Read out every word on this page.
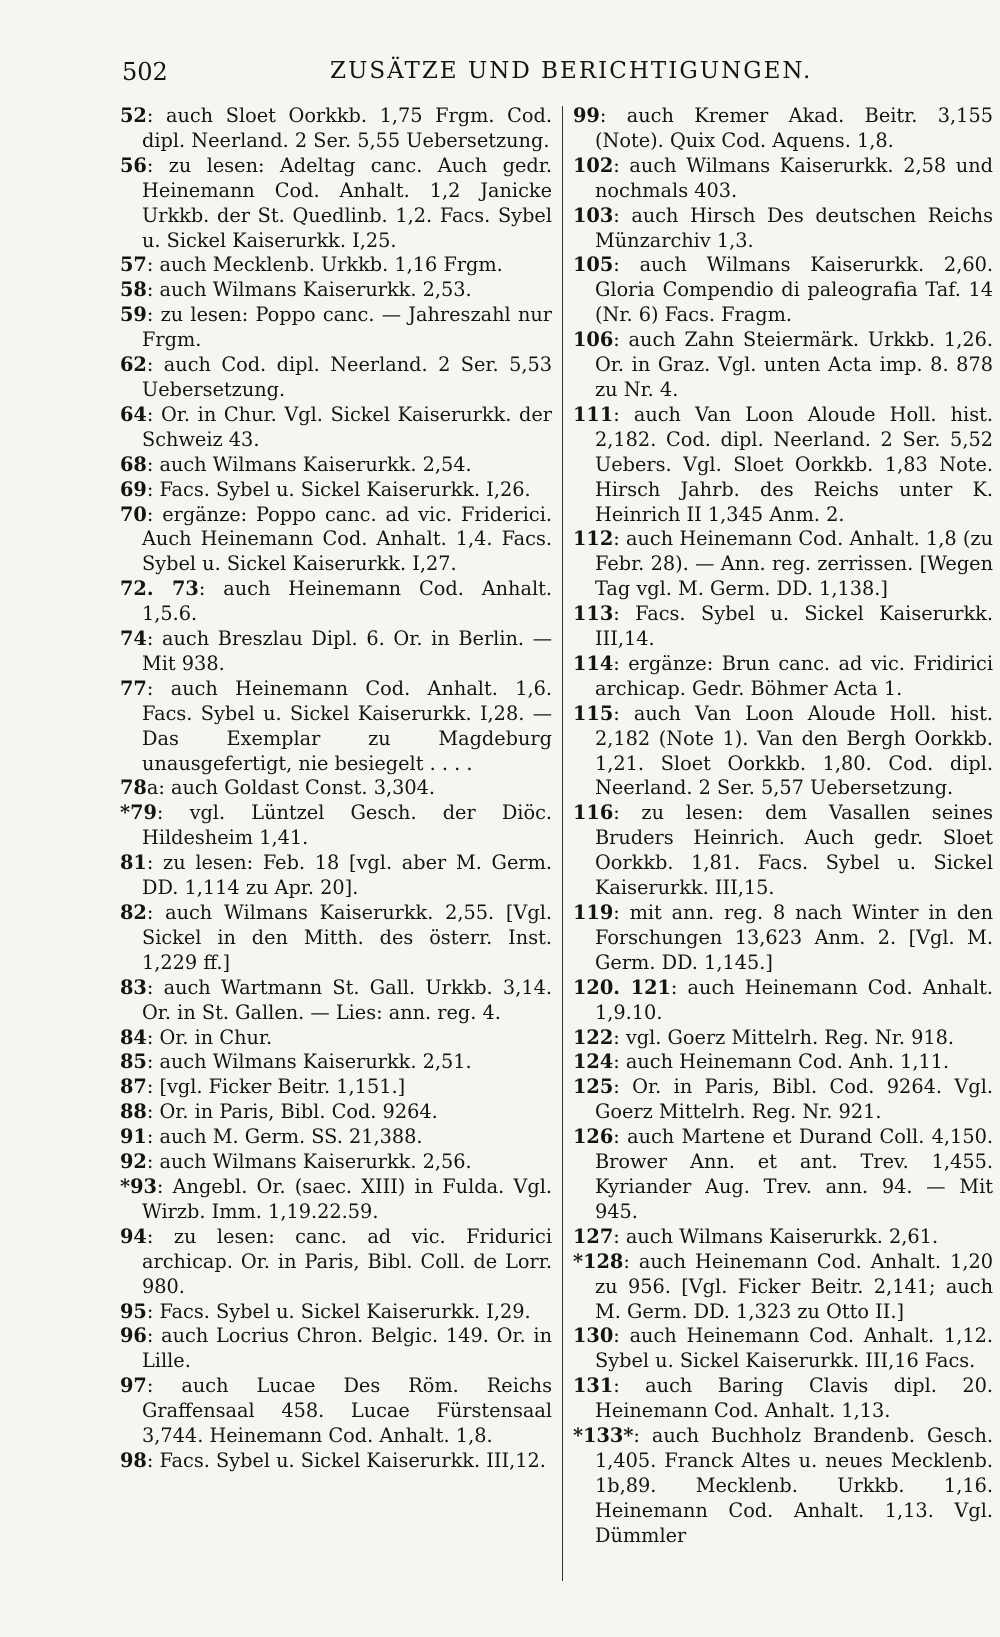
502	ZUSÄTZE UND BERICHTIGUNGEN.

52: auch Sloet Oorkkb. 1,75 Frgm. Cod. dipl. Neerland. 2 Ser. 5,55 Uebersetzung.

56: zu lesen: Adeltag canc. Auch gedr. Heinemann Cod. Anhalt. 1,2 Janicke Urkkb. der St. Quedlinb. 1,2. Facs. Sybel u. Sickel Kaiserurkk. I,25.

57: auch Mecklenb. Urkkb. 1,16 Frgm.

58: auch Wilmans Kaiserurkk. 2,53.

59: zu lesen: Poppo canc. — Jahreszahl nur Frgm.

62: auch Cod. dipl. Neerland. 2 Ser. 5,53 Uebersetzung.

64: Or. in Chur. Vgl. Sickel Kaiserurkk. der Schweiz 43.

68: auch Wilmans Kaiserurkk. 2,54.

69: Facs. Sybel u. Sickel Kaiserurkk. I,26.

70: ergänze: Poppo canc. ad vic. Friderici. Auch Heinemann Cod. Anhalt. 1,4. Facs. Sybel u. Sickel Kaiserurkk. I,27.

72. 73: auch Heinemann Cod. Anhalt. 1,5.6.

74: auch Breszlau Dipl. 6. Or. in Berlin. — Mit 938.

77: auch Heinemann Cod. Anhalt. 1,6. Facs. Sybel u. Sickel Kaiserurkk. I,28. — Das Exemplar zu Magdeburg unausgefertigt, nie besiegelt . . . .

78a: auch Goldast Const. 3,304.

*79: vgl. Lüntzel Gesch. der Diöc. Hildesheim 1,41.

81: zu lesen: Feb. 18 [vgl. aber M. Germ. DD. 1,114 zu Apr. 20].

82: auch Wilmans Kaiserurkk. 2,55. [Vgl. Sickel in den Mitth. des österr. Inst. 1,229 ff.]

83: auch Wartmann St. Gall. Urkkb. 3,14. Or. in St. Gallen. — Lies: ann. reg. 4.

84: Or. in Chur.

85: auch Wilmans Kaiserurkk. 2,51.

87: [vgl. Ficker Beitr. 1,151.]

88: Or. in Paris, Bibl. Cod. 9264.

91: auch M. Germ. SS. 21,388.

92: auch Wilmans Kaiserurkk. 2,56.

*93: Angebl. Or. (saec. XIII) in Fulda. Vgl. Wirzb. Imm. 1,19.22.59.

94: zu lesen: canc. ad vic. Fridurici archicap. Or. in Paris, Bibl. Coll. de Lorr. 980.

95: Facs. Sybel u. Sickel Kaiserurkk. I,29.

96: auch Locrius Chron. Belgic. 149. Or. in Lille.

97: auch Lucae Des Röm. Reichs Graffensaal 458. Lucae Fürstensaal 3,744. Heinemann Cod. Anhalt. 1,8.

98: Facs. Sybel u. Sickel Kaiserurkk. III,12.

99: auch Kremer Akad. Beitr. 3,155 (Note). Quix Cod. Aquens. 1,8.

102: auch Wilmans Kaiserurkk. 2,58 und nochmals 403.

103: auch Hirsch Des deutschen Reichs Münzarchiv 1,3.

105: auch Wilmans Kaiserurkk. 2,60. Gloria Compendio di paleografia Taf. 14 (Nr. 6) Facs. Fragm.

106: auch Zahn Steiermärk. Urkkb. 1,26. Or. in Graz. Vgl. unten Acta imp. 8. 878 zu Nr. 4.

111: auch Van Loon Aloude Holl. hist. 2,182. Cod. dipl. Neerland. 2 Ser. 5,52 Uebers. Vgl. Sloet Oorkkb. 1,83 Note. Hirsch Jahrb. des Reichs unter K. Heinrich II 1,345 Anm. 2.

112: auch Heinemann Cod. Anhalt. 1,8 (zu Febr. 28). — Ann. reg. zerrissen. [Wegen Tag vgl. M. Germ. DD. 1,138.]

113: Facs. Sybel u. Sickel Kaiserurkk. III,14.

114: ergänze: Brun canc. ad vic. Fridirici archicap. Gedr. Böhmer Acta 1.

115: auch Van Loon Aloude Holl. hist. 2,182 (Note 1). Van den Bergh Oorkkb. 1,21. Sloet Oorkkb. 1,80. Cod. dipl. Neerland. 2 Ser. 5,57 Uebersetzung.

116: zu lesen: dem Vasallen seines Bruders Heinrich. Auch gedr. Sloet Oorkkb. 1,81. Facs. Sybel u. Sickel Kaiserurkk. III,15.

119: mit ann. reg. 8 nach Winter in den Forschungen 13,623 Anm. 2. [Vgl. M. Germ. DD. 1,145.]

120. 121: auch Heinemann Cod. Anhalt. 1,9.10.

122: vgl. Goerz Mittelrh. Reg. Nr. 918.

124: auch Heinemann Cod. Anh. 1,11.

125: Or. in Paris, Bibl. Cod. 9264. Vgl. Goerz Mittelrh. Reg. Nr. 921.

126: auch Martene et Durand Coll. 4,150. Brower Ann. et ant. Trev. 1,455. Kyriander Aug. Trev. ann. 94. — Mit 945.

127: auch Wilmans Kaiserurkk. 2,61.

*128: auch Heinemann Cod. Anhalt. 1,20 zu 956. [Vgl. Ficker Beitr. 2,141; auch M. Germ. DD. 1,323 zu Otto II.]

130: auch Heinemann Cod. Anhalt. 1,12. Sybel u. Sickel Kaiserurkk. III,16 Facs.

131: auch Baring Clavis dipl. 20. Heinemann Cod. Anhalt. 1,13.

*133*: auch Buchholz Brandenb. Gesch. 1,405. Franck Altes u. neues Mecklenb. 1b,89. Mecklenb. Urkkb. 1,16. Heinemann Cod. Anhalt. 1,13. Vgl. Dümmler
